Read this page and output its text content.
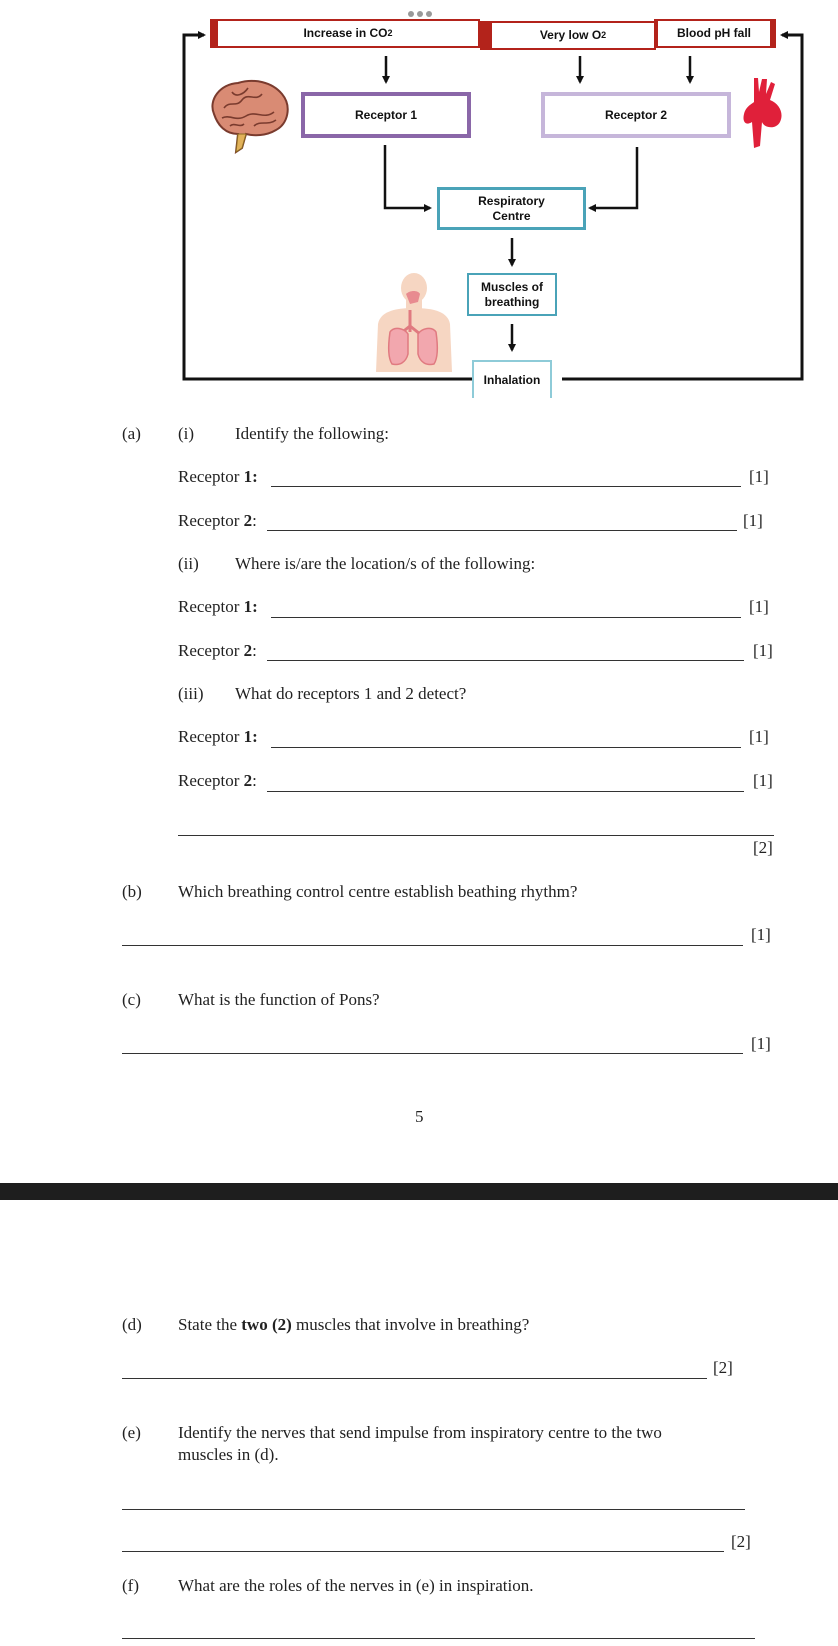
Increase in CO 2	Very low O 2	Blood pH fall
Receptor 1	Receptor 2
Respiratory
Centre
Muscles of
breathing
Inhalation
(a) (i) Identify the following:
Receptor 1:	[1]
Receptor 2:	[1]
(ii) Where is/are the location/s of the following:
Receptor 1:	[1]
Receptor 2:	[1]
(iii) What do receptors 1 and 2 detect?
Receptor 1:	[1]
Receptor 2:	[1]
[2]
(b) Which breathing control centre establish beathing rhythm?
[1]
(c) What is the function of Pons?
[1]
5
(d) State the two (2) muscles that involve in breathing?
[2]
(e) Identify the nerves that send impulse from inspiratory centre to the two
muscles in (d).
[2]
(f) What are the roles of the nerves in (e) in inspiration.
